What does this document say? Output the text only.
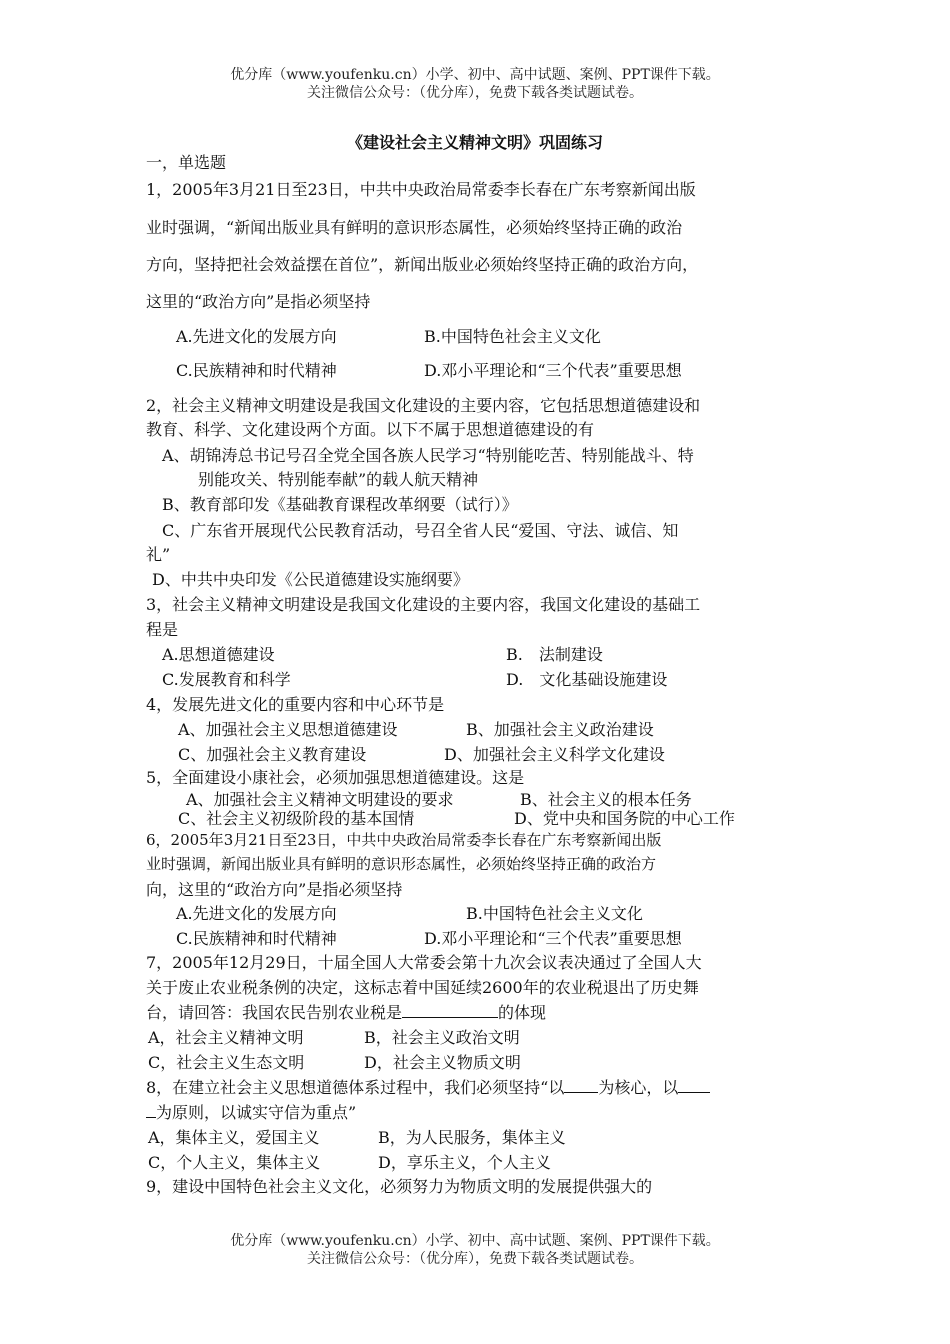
优分库（www.youfenku.cn）小学、初中、高中试题、案例、PPT课件下载。
关注微信公众号：（优分库），免费下载各类试题试卷。
《建设社会主义精神文明》巩固练习
一，单选题
1，2005年3月21日至23日，中共中央政治局常委李长春在广东考察新闻出版
业时强调，“新闻出版业具有鲜明的意识形态属性，必须始终坚持正确的政治
方向，坚持把社会效益摆在首位”，新闻出版业必须始终坚持正确的政治方向，
这里的“政治方向”是指必须坚持
A.先进文化的发展方向	B.中国特色社会主义文化
C.民族精神和时代精神	D.邓小平理论和“三个代表”重要思想
2，社会主义精神文明建设是我国文化建设的主要内容，它包括思想道德建设和
教育、科学、文化建设两个方面。以下不属于思想道德建设的有
A、胡锦涛总书记号召全党全国各族人民学习“特别能吃苦、特别能战斗、特
别能攻关、特别能奉献”的载人航天精神
B、教育部印发《基础教育课程改革纲要（试行）》
C、广东省开展现代公民教育活动，号召全省人民“爱国、守法、诚信、知
礼”
D、中共中央印发《公民道德建设实施纲要》
3，社会主义精神文明建设是我国文化建设的主要内容，我国文化建设的基础工
程是
A.思想道德建设	B.　法制建设
C.发展教育和科学	D.　文化基础设施建设
4，发展先进文化的重要内容和中心环节是
A、加强社会主义思想道德建设	B、加强社会主义政治建设
C、加强社会主义教育建设	D、加强社会主义科学文化建设
5，全面建设小康社会，必须加强思想道德建设。这是
A、加强社会主义精神文明建设的要求	B、社会主义的根本任务
C、社会主义初级阶段的基本国情	D、党中央和国务院的中心工作
6，2005年3月21日至23日，中共中央政治局常委李长春在广东考察新闻出版
业时强调，新闻出版业具有鲜明的意识形态属性，必须始终坚持正确的政治方
向，这里的“政治方向”是指必须坚持
A.先进文化的发展方向	B.中国特色社会主义文化
C.民族精神和时代精神	D.邓小平理论和“三个代表”重要思想
7，2005年12月29日，十届全国人大常委会第十九次会议表决通过了全国人大
关于废止农业税条例的决定，这标志着中国延续2600年的农业税退出了历史舞
台，请回答：我国农民告别农业税是	的体现
A，社会主义精神文明	B，社会主义政治文明
C，社会主义生态文明	D，社会主义物质文明
8，在建立社会主义思想道德体系过程中，我们必须坚持“以 为核心，以
为原则，以诚实守信为重点”
A，集体主义，爱国主义	B，为人民服务，集体主义
C，个人主义，集体主义	D，享乐主义，个人主义
9，建设中国特色社会主义文化，必须努力为物质文明的发展提供强大的
优分库（www.youfenku.cn）小学、初中、高中试题、案例、PPT课件下载。
关注微信公众号：（优分库），免费下载各类试题试卷。
